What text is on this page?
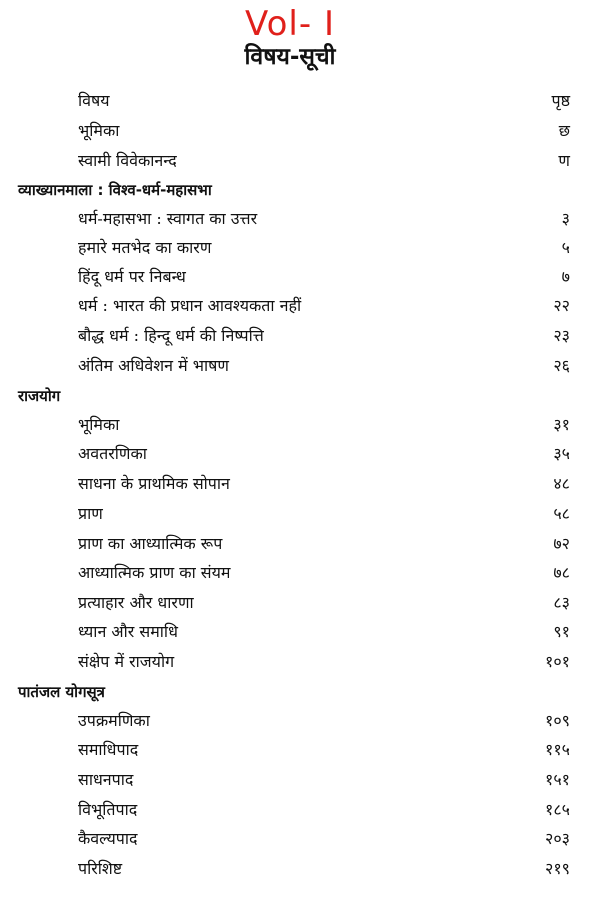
Vol- I
विषय-सूची
विषय	पृष्ठ
भूमिका	छ
स्वामी विवेकानन्द	ण
व्याख्यानमाला : विश्व-धर्म-महासभा
धर्म-महासभा : स्वागत का उत्तर	३
हमारे मतभेद का कारण	५
हिंदू धर्म पर निबन्ध	७
धर्म : भारत की प्रधान आवश्यकता नहीं	२२
बौद्ध धर्म : हिन्दू धर्म की निष्पत्ति	२३
अंतिम अधिवेशन में भाषण	२६
राजयोग
भूमिका	३१
अवतरणिका	३५
साधना के प्राथमिक सोपान	४८
प्राण	५८
प्राण का आध्यात्मिक रूप	७२
आध्यात्मिक प्राण का संयम	७८
प्रत्याहार और धारणा	८३
ध्यान और समाधि	९१
संक्षेप में राजयोग	१०१
पातंजल योगसूत्र
उपक्रमणिका	१०९
समाधिपाद	११५
साधनपाद	१५१
विभूतिपाद	१८५
कैवल्यपाद	२०३
परिशिष्ट	२१९
